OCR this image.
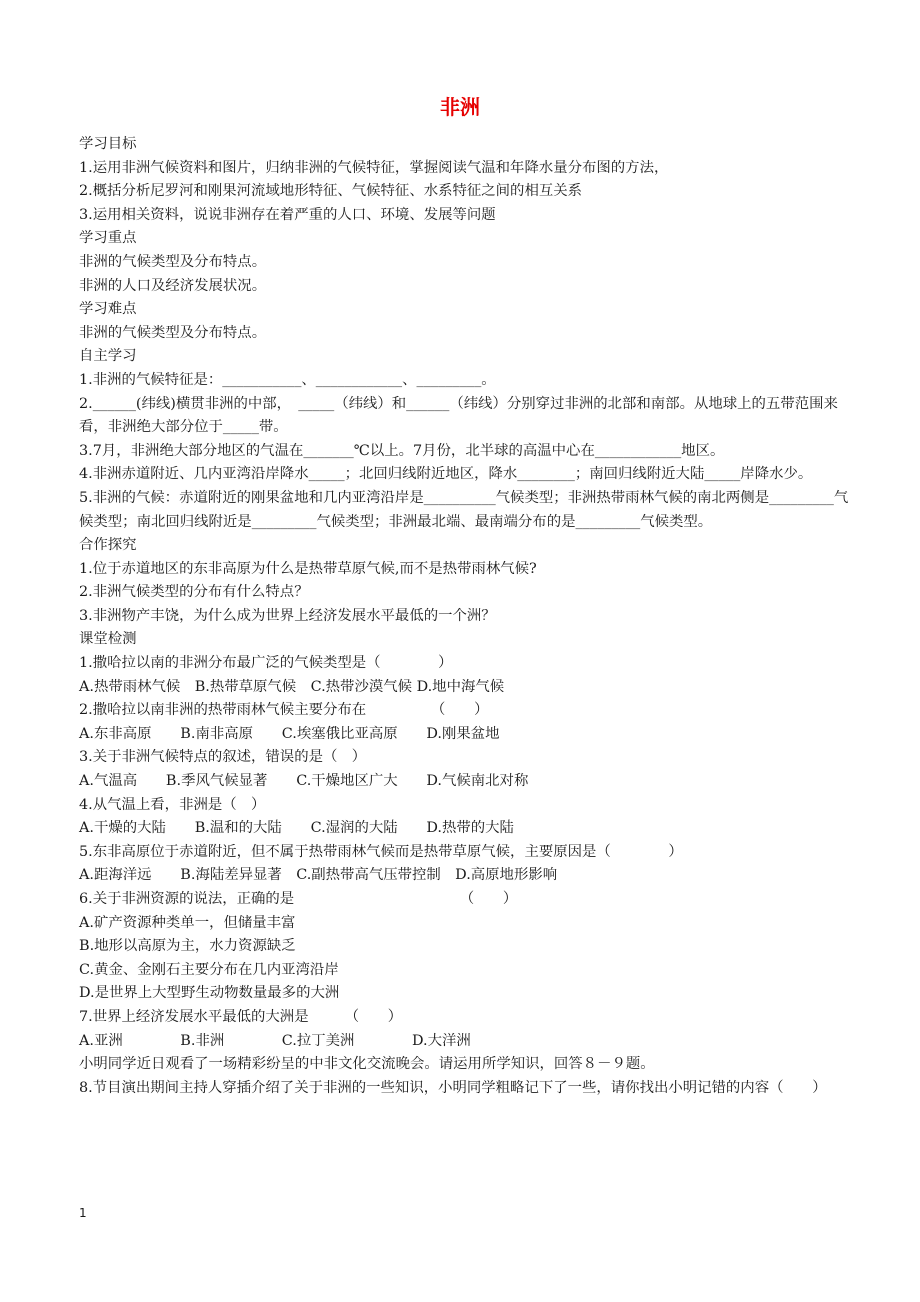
非洲

学习目标

1.运用非洲气候资料和图片，归纳非洲的气候特征，掌握阅读气温和年降水量分布图的方法，

2.概括分析尼罗河和刚果河流域地形特征、气候特征、水系特征之间的相互关系

3.运用相关资料，说说非洲存在着严重的人口、环境、发展等问题

学习重点

非洲的气候类型及分布特点。

非洲的人口及经济发展状况。

学习难点

非洲的气候类型及分布特点。

自主学习

1.非洲的气候特征是：___________、____________、_________。

2.______(纬线)横贯非洲的中部，　_____（纬线）和______（纬线）分别穿过非洲的北部和南部。从地球上的五带范围来看，非洲绝大部分位于_____带。

3.7月，非洲绝大部分地区的气温在_______℃以上。7月份，北半球的高温中心在____________地区。

4.非洲赤道附近、几内亚湾沿岸降水_____；北回归线附近地区，降水________；南回归线附近大陆_____岸降水少。

5.非洲的气候：赤道附近的刚果盆地和几内亚湾沿岸是__________气候类型；非洲热带雨林气候的南北两侧是_________气候类型；南北回归线附近是_________气候类型；非洲最北端、最南端分布的是_________气候类型。

合作探究

1.位于赤道地区的东非高原为什么是热带草原气候,而不是热带雨林气候?

2.非洲气候类型的分布有什么特点？

3.非洲物产丰饶，为什么成为世界上经济发展水平最低的一个洲？

课堂检测

1.撒哈拉以南的非洲分布最广泛的气候类型是（　　　　）

A.热带雨林气候　B.热带草原气候　C.热带沙漠气候 D.地中海气候

2.撒哈拉以南非洲的热带雨林气候主要分布在　　　　　（　　）

A.东非高原　　B.南非高原　　C.埃塞俄比亚高原　　D.刚果盆地

3.关于非洲气候特点的叙述，错误的是（　）

A.气温高　　B.季风气候显著　　C.干燥地区广大　　D.气候南北对称

4.从气温上看，非洲是（　）

A.干燥的大陆　　B.温和的大陆　　C.湿润的大陆　　D.热带的大陆

5.东非高原位于赤道附近，但不属于热带雨林气候而是热带草原气候，主要原因是（　　　　）

A.距海洋远　　B.海陆差异显著　C.副热带高气压带控制　D.高原地形影响

6.关于非洲资源的说法，正确的是　　　　　　　　　　　　（　　）

A.矿产资源种类单一，但储量丰富

B.地形以高原为主，水力资源缺乏

C.黄金、金刚石主要分布在几内亚湾沿岸

D.是世界上大型野生动物数量最多的大洲

7.世界上经济发展水平最低的大洲是　　　（　　）

A.亚洲　　　　B.非洲　　　　C.拉丁美洲　　　　D.大洋洲

小明同学近日观看了一场精彩纷呈的中非文化交流晚会。请运用所学知识，回答８－９题。

8.节目演出期间主持人穿插介绍了关于非洲的一些知识，小明同学粗略记下了一些，请你找出小明记错的内容（　　）

1
